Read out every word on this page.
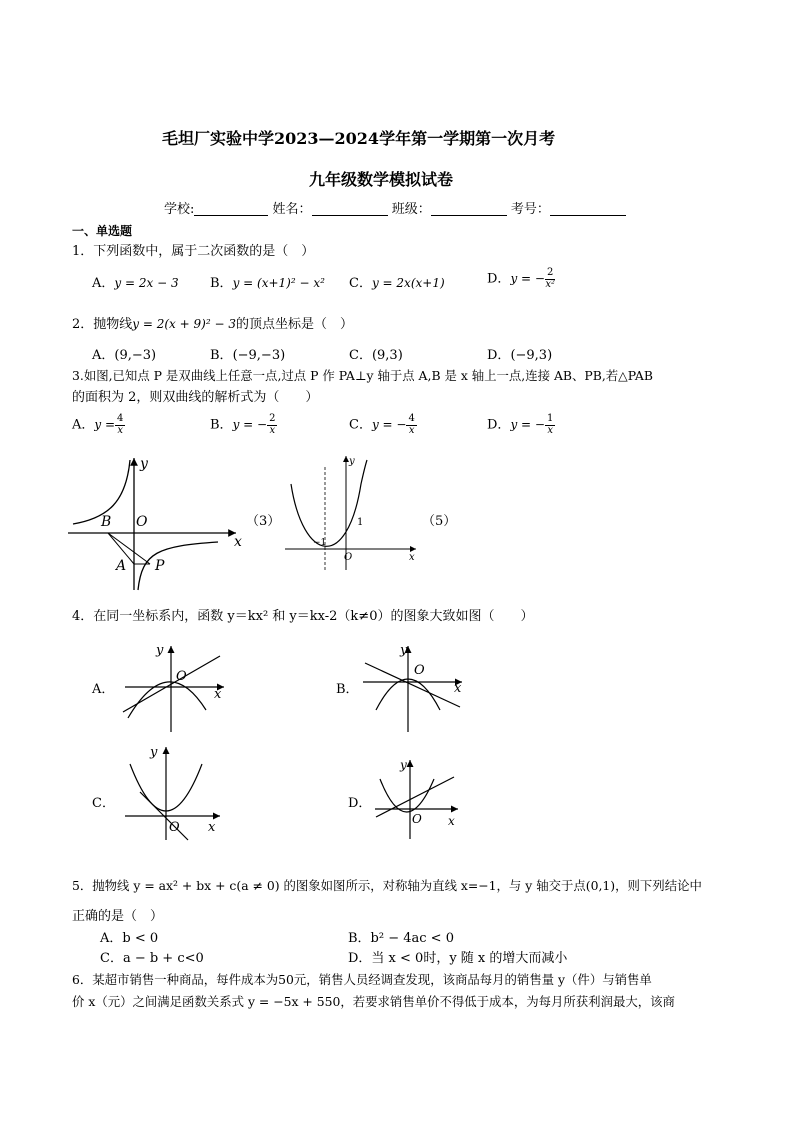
毛坦厂实验中学2023—2024学年第一学期第一次月考
九年级数学模拟试卷
学校:	姓名：	班级：	考号：
一、单选题
1．下列函数中，属于二次函数的是（　）
A．y = 2x − 3 B．y = (x+1)² − x² C．y = 2x(x+1)	D．y = − $\frac{2}{\text{x²}}$
2．抛物线y = 2(x + 9)² − 3的顶点坐标是（　）
A．(9,−3)	B．(−9,−3)	C．(9,3)	D．(−9,3)
3.如图,已知点 P 是双曲线上任意一点,过点 P 作 PA⊥y 轴于点 A,B 是 x 轴上一点,连接 AB、PB,若△PAB
的面积为 2，则双曲线的解析式为（　　）
A．$y = \frac{4}{x}$	B．y = − $\frac{2}{x}$	C．y = − $\frac{4}{x}$	D．y = − $\frac{1}{x}$
y
x
B O
A P
（3）
y
x
O
1
−1
（5）
4．在同一坐标系内，函数 y＝kx² 和 y＝kx-2（k≠0）的图象大致如图（　　）
A．
y
x
O
B．
y
x
O
C．
y
x
O
D．
y
x
O
5．抛物线 y = ax² + bx + c(a ≠ 0) 的图象如图所示，对称轴为直线 x=−1，与 y 轴交于点(0,1)，则下列结论中
正确的是（　）
A．b < 0	B．b² − 4ac < 0
C．a − b + c<0	D．当 x < 0时，y 随 x 的增大而减小
6．某超市销售一种商品，每件成本为50元，销售人员经调查发现，该商品每月的销售量 y（件）与销售单
价 x（元）之间满足函数关系式 y = −5x + 550，若要求销售单价不得低于成本，为每月所获利润最大，该商
